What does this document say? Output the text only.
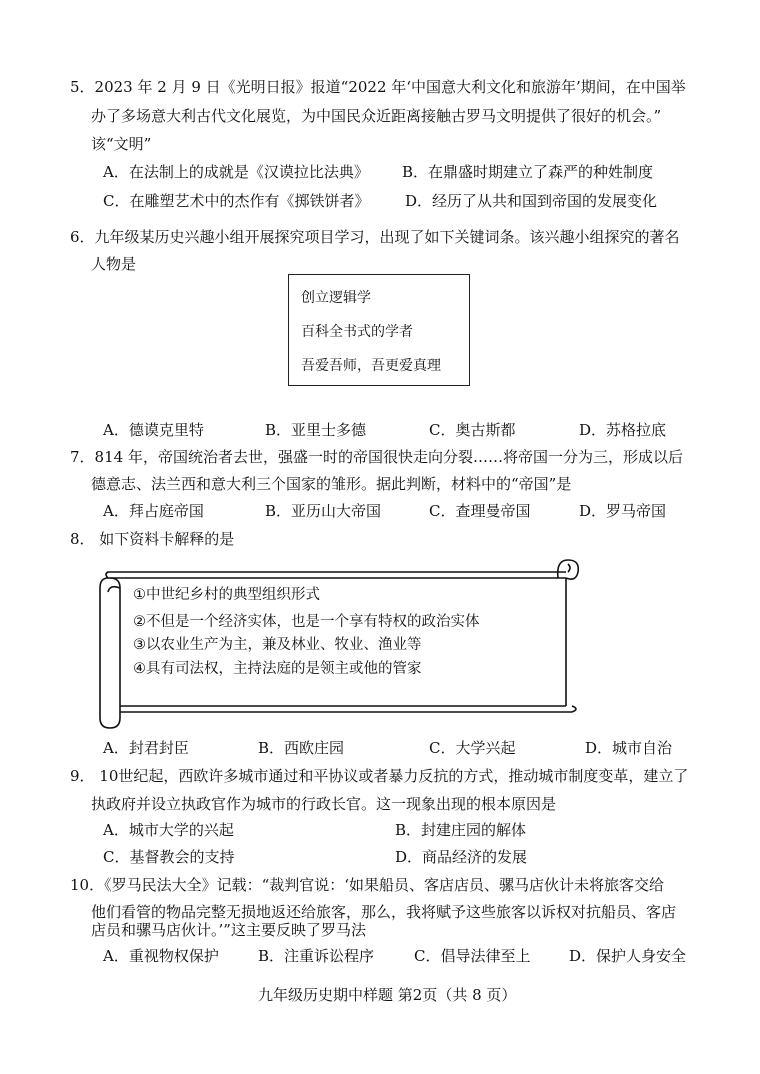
5．2023 年 2 月 9 日《光明日报》报道“2022 年‘中国意大利文化和旅游年’期间，在中国举
办了多场意大利古代文化展览，为中国民众近距离接触古罗马文明提供了很好的机会。”
该“文明”
A．在法制上的成就是《汉谟拉比法典》 B．在鼎盛时期建立了森严的种姓制度
C．在雕塑艺术中的杰作有《掷铁饼者》 D．经历了从共和国到帝国的发展变化
6．九年级某历史兴趣小组开展探究项目学习，出现了如下关键词条。该兴趣小组探究的著名
人物是
创立逻辑学
百科全书式的学者
吾爱吾师，吾更爱真理
A．德谟克里特	B．亚里士多德	C．奥古斯都	D．苏格拉底
7．814 年，帝国统治者去世，强盛一时的帝国很快走向分裂……将帝国一分为三，形成以后
德意志、法兰西和意大利三个国家的雏形。据此判断，材料中的“帝国”是
A．拜占庭帝国	B．亚历山大帝国	C．查理曼帝国	D．罗马帝国
8． 如下资料卡解释的是
①中世纪乡村的典型组织形式
②不但是一个经济实体，也是一个享有特权的政治实体
③以农业生产为主，兼及林业、牧业、渔业等
④具有司法权，主持法庭的是领主或他的管家
A．封君封臣	B．西欧庄园	C．大学兴起	D．城市自治
9． 10世纪起，西欧许多城市通过和平协议或者暴力反抗的方式，推动城市制度变革，建立了
执政府并设立执政官作为城市的行政长官。这一现象出现的根本原因是
A．城市大学的兴起	B．封建庄园的解体
C．基督教会的支持	D．商品经济的发展
10．《罗马民法大全》记载：“裁判官说：‘如果船员、客店店员、骡马店伙计未将旅客交给
他们看管的物品完整无损地返还给旅客，那么，我将赋予这些旅客以诉权对抗船员、客店
店员和骡马店伙计。’”这主要反映了罗马法
A．重视物权保护	B．注重诉讼程序	C．倡导法律至上	D．保护人身安全
九年级历史期中样题 第2页（共 8 页）
